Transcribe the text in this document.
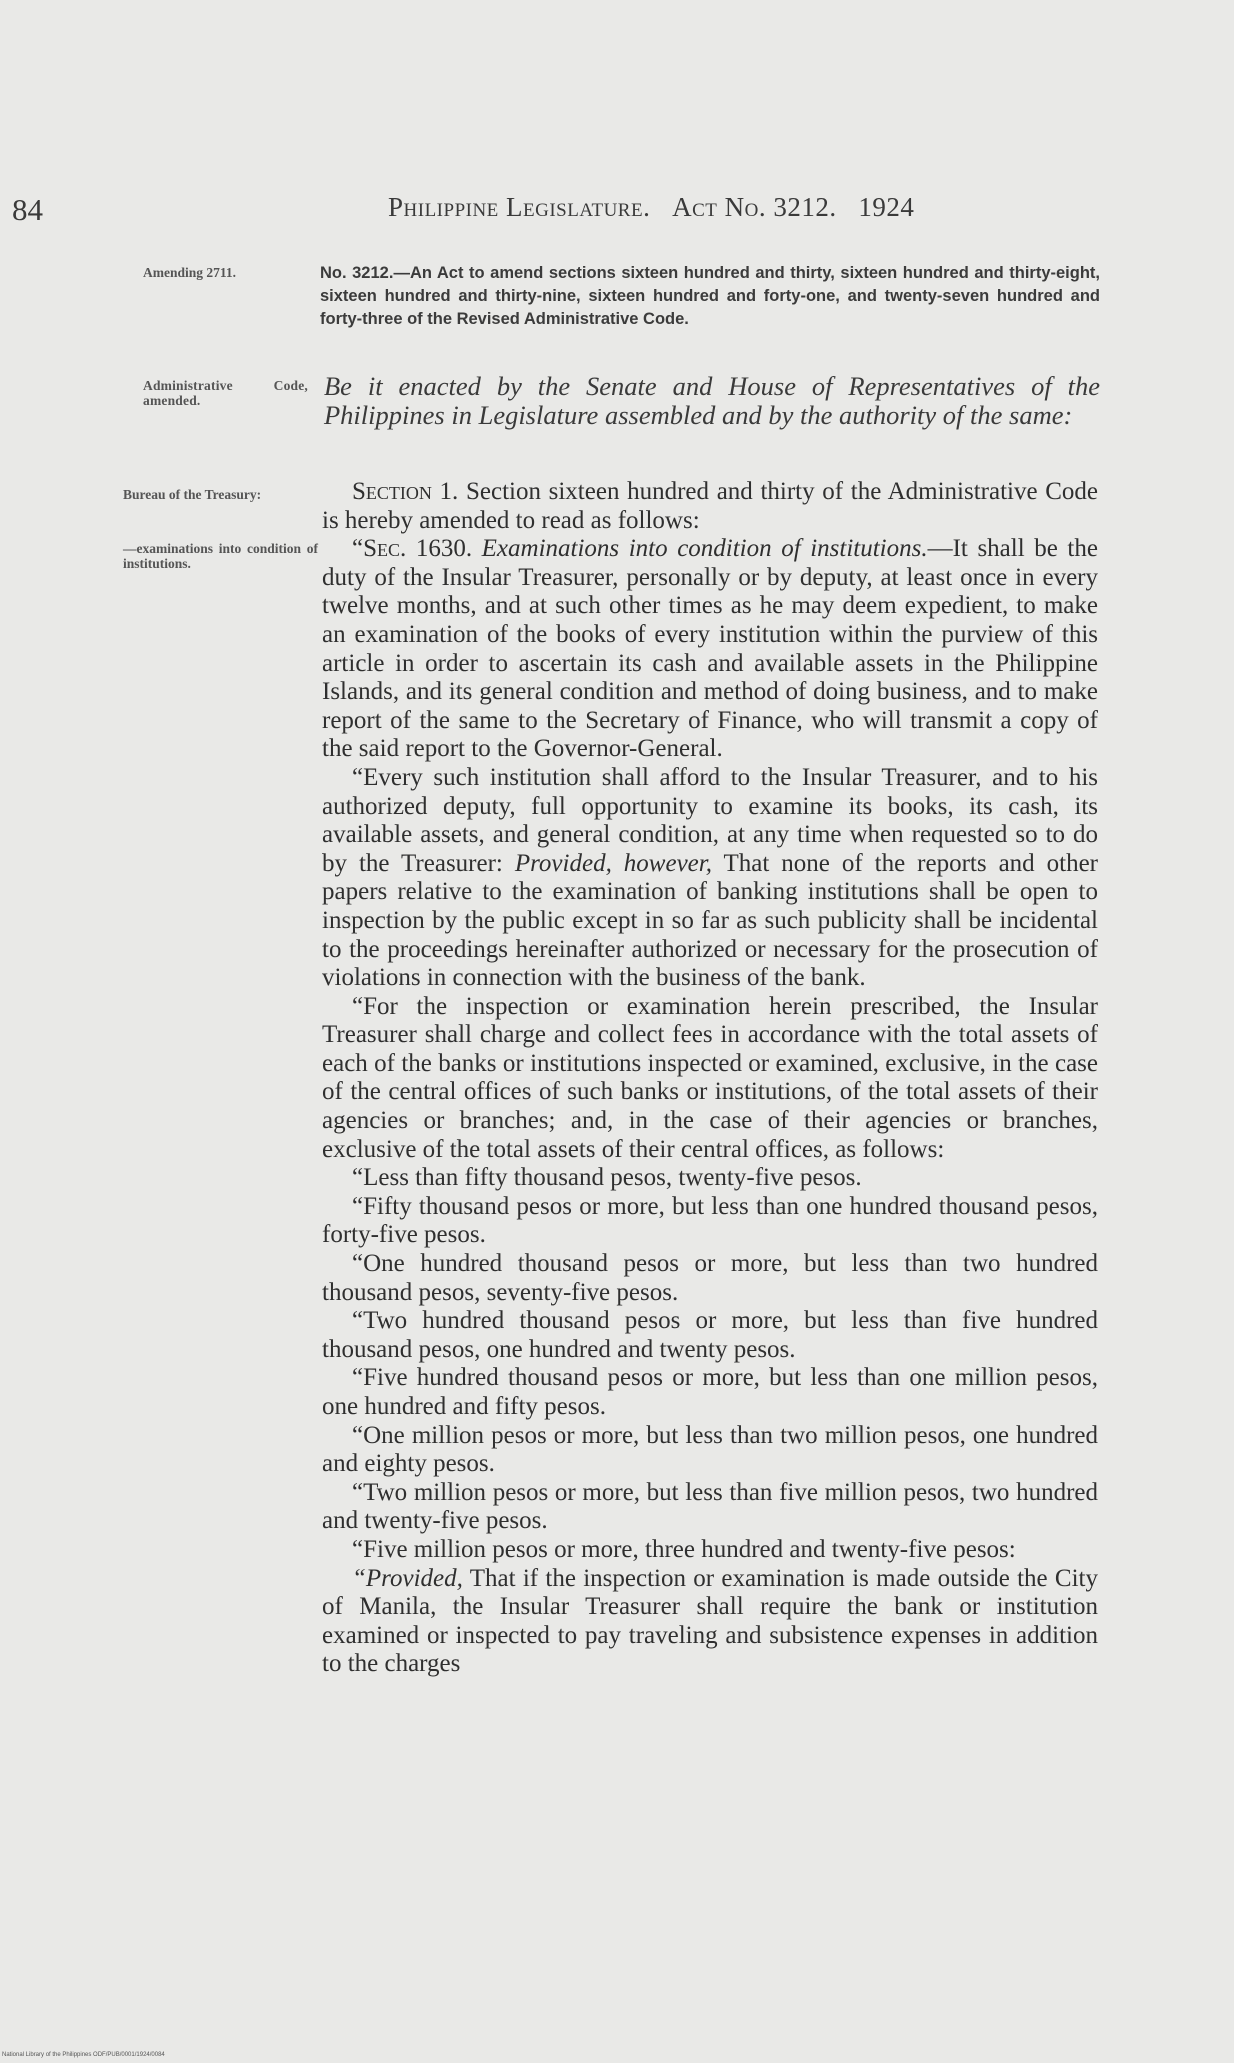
84	Philippine Legislature. Act No. 3212. 1924
Amending 2711.
Administrative Code, amended.
Bureau of the Treasury:
—examinations into condition of institutions.
No. 3212.—An Act to amend sections sixteen hundred and thirty, sixteen hundred and thirty-eight, sixteen hundred and thirty-nine, sixteen hundred and forty-one, and twenty-seven hundred and forty-three of the Revised Administrative Code.
Be it enacted by the Senate and House of Representatives of the Philippines in Legislature assembled and by the authority of the same:

Section 1. Section sixteen hundred and thirty of the Administrative Code is hereby amended to read as follows:

“Sec. 1630. Examinations into condition of institutions.—It shall be the duty of the Insular Treasurer, personally or by deputy, at least once in every twelve months, and at such other times as he may deem expedient, to make an examination of the books of every institution within the purview of this article in order to ascertain its cash and available assets in the Philippine Islands, and its general condition and method of doing business, and to make report of the same to the Secretary of Finance, who will transmit a copy of the said report to the Governor-General.

“Every such institution shall afford to the Insular Treasurer, and to his authorized deputy, full opportunity to examine its books, its cash, its available assets, and general condition, at any time when requested so to do by the Treasurer: Provided, however, That none of the reports and other papers relative to the examination of banking institutions shall be open to inspection by the public except in so far as such publicity shall be incidental to the proceedings hereinafter authorized or necessary for the prosecution of violations in connection with the business of the bank.

“For the inspection or examination herein prescribed, the Insular Treasurer shall charge and collect fees in accordance with the total assets of each of the banks or institutions inspected or examined, exclusive, in the case of the central offices of such banks or institutions, of the total assets of their agencies or branches; and, in the case of their agencies or branches, exclusive of the total assets of their central offices, as follows:

“Less than fifty thousand pesos, twenty-five pesos.

“Fifty thousand pesos or more, but less than one hundred thousand pesos, forty-five pesos.

“One hundred thousand pesos or more, but less than two hundred thousand pesos, seventy-five pesos.

“Two hundred thousand pesos or more, but less than five hundred thousand pesos, one hundred and twenty pesos.

“Five hundred thousand pesos or more, but less than one million pesos, one hundred and fifty pesos.

“One million pesos or more, but less than two million pesos, one hundred and eighty pesos.

“Two million pesos or more, but less than five million pesos, two hundred and twenty-five pesos.

“Five million pesos or more, three hundred and twenty-five pesos:

“Provided, That if the inspection or examination is made outside the City of Manila, the Insular Treasurer shall require the bank or institution examined or inspected to pay traveling and subsistence expenses in addition to the charges

National Library of the Philippines ODF/PUB/0001/1924/0084
